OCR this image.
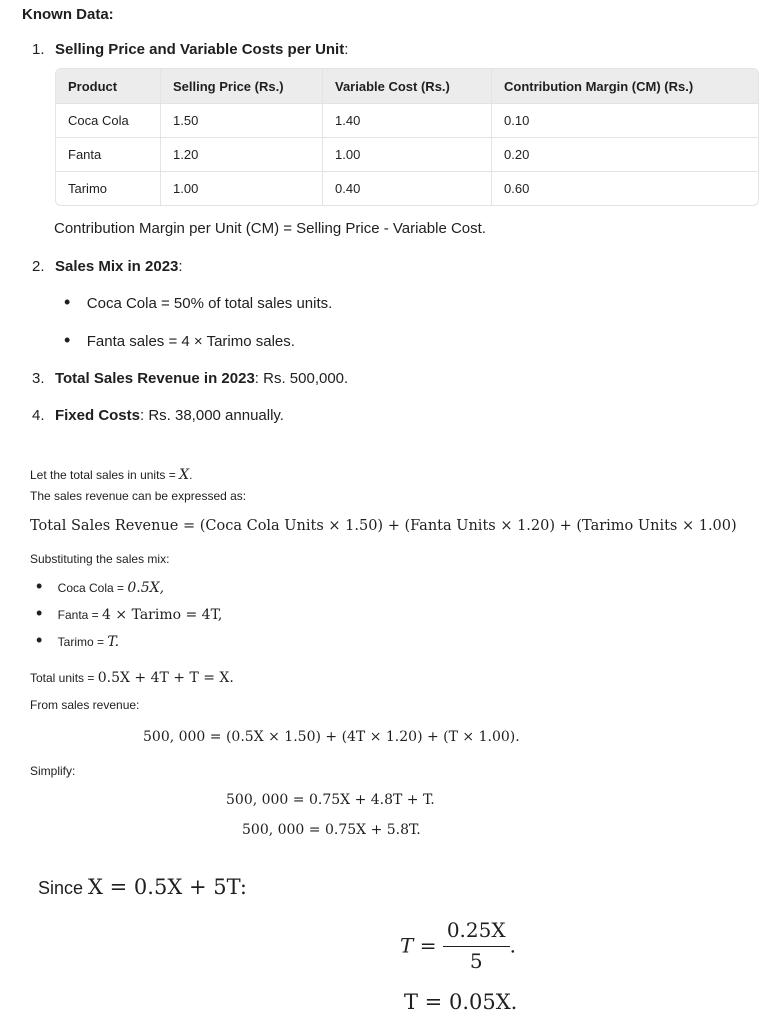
Known Data:
1. Selling Price and Variable Costs per Unit:
Product	Selling Price (Rs.)	Variable Cost (Rs.)	Contribution Margin (CM) (Rs.)
Coca Cola	1.50	1.40	0.10
Fanta	1.20	1.00	0.20
Tarimo	1.00	0.40	0.60
Contribution Margin per Unit (CM) = Selling Price - Variable Cost.
2. Sales Mix in 2023:
• Coca Cola = 50% of total sales units.
• Fanta sales = 4 × Tarimo sales.
3. Total Sales Revenue in 2023: Rs. 500,000.
4. Fixed Costs: Rs. 38,000 annually.
Let the total sales in units = X.
The sales revenue can be expressed as:
Total Sales Revenue = (Coca Cola Units × 1.50) + (Fanta Units × 1.20) + (Tarimo Units × 1.00)
Substituting the sales mix:
• Coca Cola = 0.5X,
• Fanta = 4 × Tarimo = 4T,
• Tarimo = T.
Total units = 0.5X + 4T + T = X.
From sales revenue:
500, 000 = (0.5X × 1.50) + (4T × 1.20) + (T × 1.00).
Simplify:
500, 000 = 0.75X + 4.8T + T.
500, 000 = 0.75X + 5.8T.
Since X = 0.5X + 5T:
$T = \frac{0.25X}{5}$ .
T = 0.05X.
